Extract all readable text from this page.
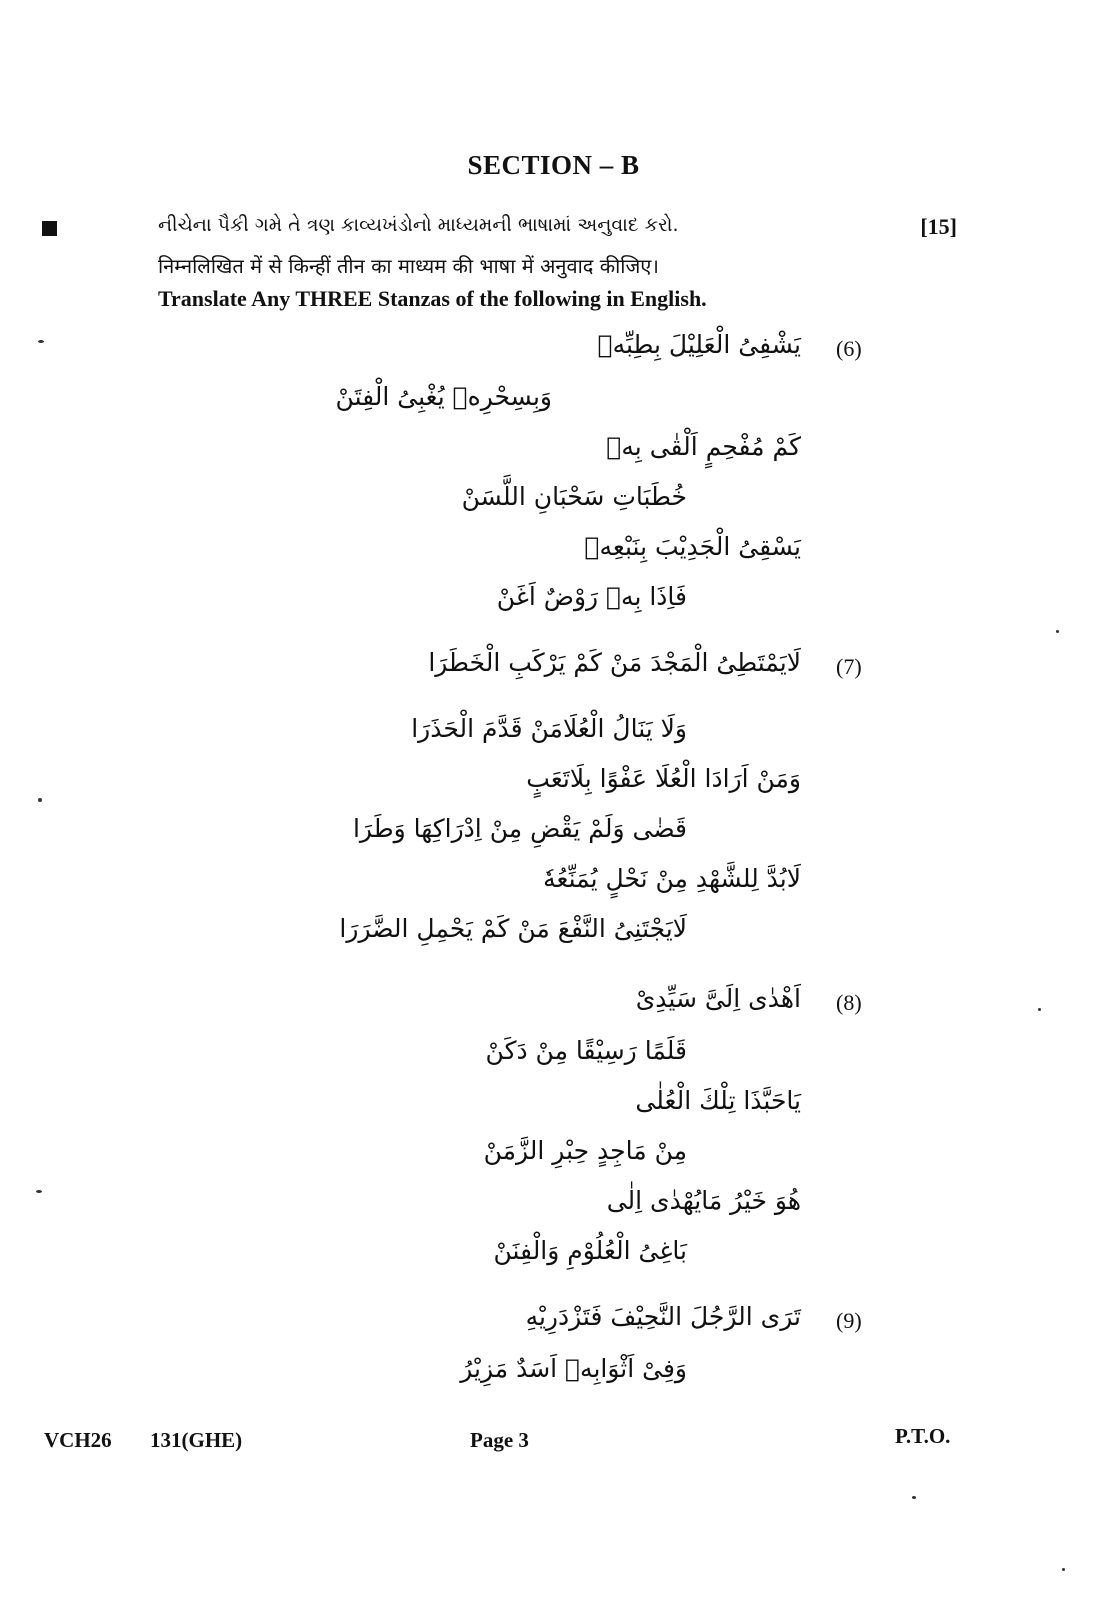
SECTION – B
નીચેના પૈકી ગમે તે ત્રણ કાવ્યખંડોનો માધ્યમની ભાષામાં અનુવાદ કરો.	[15]
निम्नलिखित में से किन्हीं तीन का माध्यम की भाषा में अनुवाद कीजिए।
Translate Any THREE Stanzas of the following in English.
(6)
يَشْفِیُ الْعَلِيْلَ بِطِبِّهٖ
وَبِسِحْرِهٖ يُغْبِیُ الْفِتَنْ
كَمْ مُفْحِمٍ اَلْقٰى بِهٖ
خُطَبَاتِ سَحْبَانِ اللَّسَنْ
يَسْقِیُ الْجَدِيْبَ بِنَبْعِهٖ
فَاِذَا بِهٖ رَوْضٌ اَغَنْ
(7)
لَايَمْتَطِیُ الْمَجْدَ مَنْ كَمْ يَرْكَبِ الْخَطَرَا
وَلَا يَنَالُ الْعُلَامَنْ قَدَّمَ الْحَذَرَا
وَمَنْ اَرَادَا الْعُلَا عَفْوًا بِلَاتَعَبٍ
قَضٰى وَلَمْ يَقْضِ مِنْ اِدْرَاكِهَا وَطَرَا
لَابُدَّ لِلشَّهْدِ مِنْ نَحْلٍ يُمَنِّعُهٗ
لَايَجْتَنِیُ النَّفْعَ مَنْ كَمْ يَحْمِلِ الضَّرَرَا
(8)
اَهْدٰى اِلَیَّ سَيِّدِیْ
قَلَمًا رَسِيْقًا مِنْ دَكَنْ
يَاحَبَّذَا تِلْكَ الْعُلٰى
مِنْ مَاجِدٍ حِبْرِ الزَّمَنْ
هُوَ خَيْرُ مَايُهْدٰى اِلٰى
بَاغِیُ الْعُلُوْمِ وَالْفِنَنْ
(9)
تَرَى الرَّجُلَ النَّحِيْفَ فَتَزْدَرِيْهِ
وَفِیْ اَثْوَابِهٖ اَسَدٌ مَزِيْرُ
VCH26 131(GHE)	Page 3	P.T.O.
